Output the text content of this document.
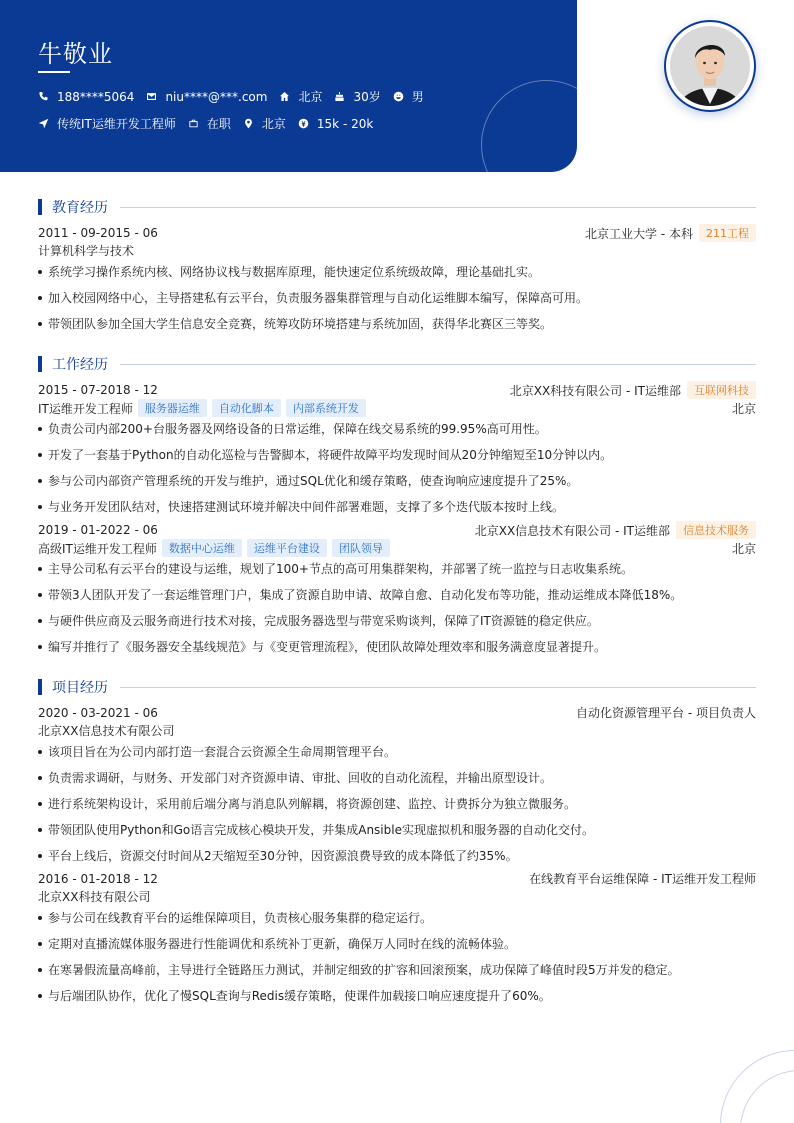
牛敬业
188****5064	niu****@***.com	北京	30岁	男
传统IT运维开发工程师	在职	北京	15k - 20k
教育经历
2011 - 09-2015 - 06	北京工业大学 - 本科	211工程
计算机科学与技术
系统学习操作系统内核、网络协议栈与数据库原理，能快速定位系统级故障，理论基础扎实。
加入校园网络中心，主导搭建私有云平台，负责服务器集群管理与自动化运维脚本编写，保障高可用。
带领团队参加全国大学生信息安全竞赛，统筹攻防环境搭建与系统加固，获得华北赛区三等奖。
工作经历
2015 - 07-2018 - 12	北京XX科技有限公司 - IT运维部	互联网科技
IT运维开发工程师	服务器运维	自动化脚本	内部系统开发	北京
负责公司内部200+台服务器及网络设备的日常运维，保障在线交易系统的99.95%高可用性。
开发了一套基于Python的自动化巡检与告警脚本，将硬件故障平均发现时间从20分钟缩短至10分钟以内。
参与公司内部资产管理系统的开发与维护，通过SQL优化和缓存策略，使查询响应速度提升了25%。
与业务开发团队结对，快速搭建测试环境并解决中间件部署难题，支撑了多个迭代版本按时上线。
2019 - 01-2022 - 06	北京XX信息技术有限公司 - IT运维部	信息技术服务
高级IT运维开发工程师	数据中心运维	运维平台建设	团队领导	北京
主导公司私有云平台的建设与运维，规划了100+节点的高可用集群架构，并部署了统一监控与日志收集系统。
带领3人团队开发了一套运维管理门户，集成了资源自助申请、故障自愈、自动化发布等功能，推动运维成本降低18%。
与硬件供应商及云服务商进行技术对接，完成服务器选型与带宽采购谈判，保障了IT资源链的稳定供应。
编写并推行了《服务器安全基线规范》与《变更管理流程》，使团队故障处理效率和服务满意度显著提升。
项目经历
2020 - 03-2021 - 06	自动化资源管理平台 - 项目负责人
北京XX信息技术有限公司
该项目旨在为公司内部打造一套混合云资源全生命周期管理平台。
负责需求调研，与财务、开发部门对齐资源申请、审批、回收的自动化流程，并输出原型设计。
进行系统架构设计，采用前后端分离与消息队列解耦，将资源创建、监控、计费拆分为独立微服务。
带领团队使用Python和Go语言完成核心模块开发，并集成Ansible实现虚拟机和服务器的自动化交付。
平台上线后，资源交付时间从2天缩短至30分钟，因资源浪费导致的成本降低了约35%。
2016 - 01-2018 - 12	在线教育平台运维保障 - IT运维开发工程师
北京XX科技有限公司
参与公司在线教育平台的运维保障项目，负责核心服务集群的稳定运行。
定期对直播流媒体服务器进行性能调优和系统补丁更新，确保万人同时在线的流畅体验。
在寒暑假流量高峰前，主导进行全链路压力测试，并制定细致的扩容和回滚预案，成功保障了峰值时段5万并发的稳定。
与后端团队协作，优化了慢SQL查询与Redis缓存策略，使课件加载接口响应速度提升了60%。
